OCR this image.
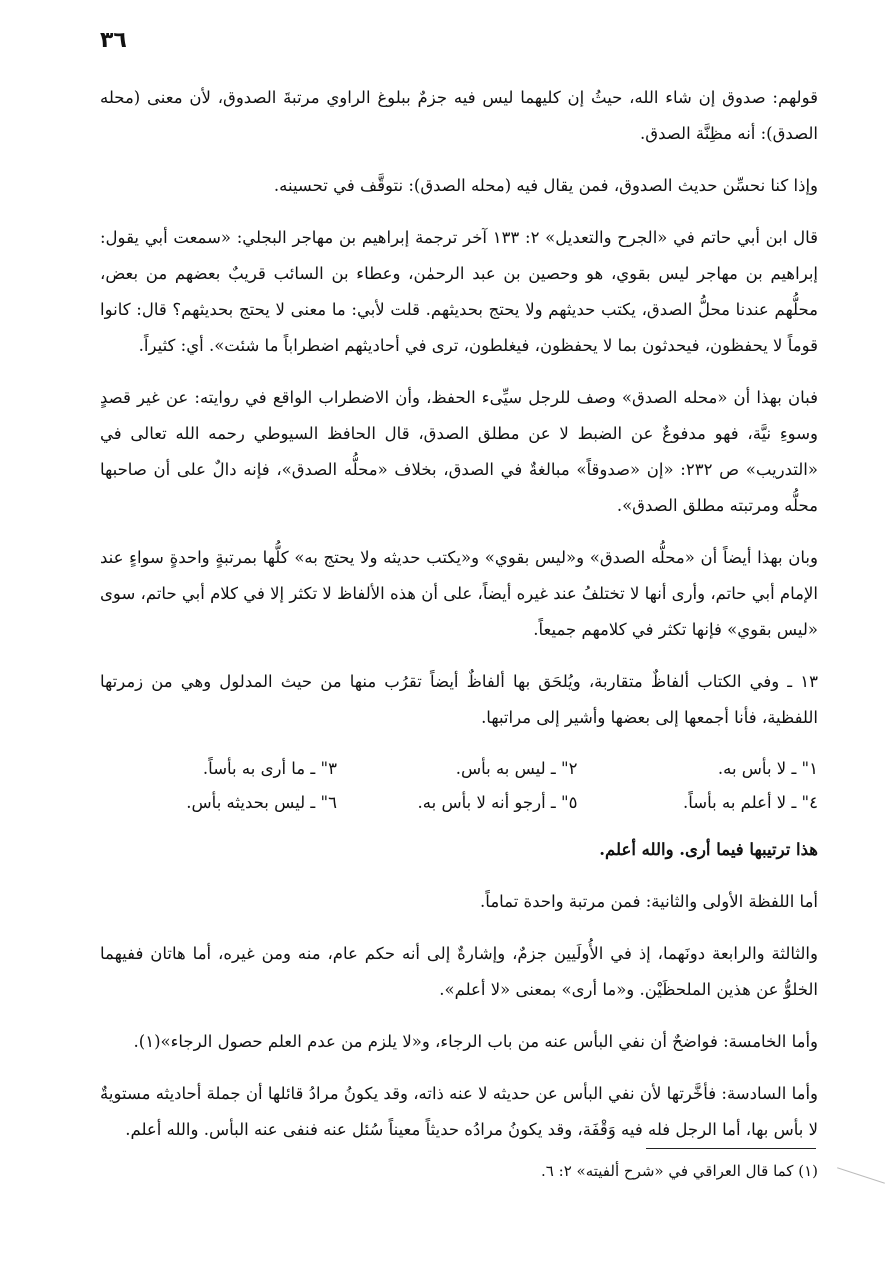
٣٦

قولهم: صدوق إن شاء الله، حيثُ إن كليهما ليس فيه جزمٌ ببلوغ الراوي مرتبةَ الصدوق، لأن معنى (محله الصدق): أنه مظِنَّة الصدق.

وإذا كنا نحسِّن حديث الصدوق، فمن يقال فيه (محله الصدق): نتوقَّف في تحسينه.

قال ابن أبي حاتم في «الجرح والتعديل» ٢: ١٣٣ آخر ترجمة إبراهيم بن مهاجر البجلي: «سمعت أبي يقول: إبراهيم بن مهاجر ليس بقوي، هو وحصين بن عبد الرحمٰن، وعطاء بن السائب قريبٌ بعضهم من بعض، محلُّهم عندنا محلُّ الصدق، يكتب حديثهم ولا يحتج بحديثهم. قلت لأبي: ما معنى لا يحتج بحديثهم؟ قال: كانوا قوماً لا يحفظون، فيحدثون بما لا يحفظون، فيغلطون، ترى في أحاديثهم اضطراباً ما شئت». أي: كثيراً.

فبان بهذا أن «محله الصدق» وصف للرجل سيِّىء الحفظ، وأن الاضطراب الواقع في روايته: عن غير قصدٍ وسوءِ نيَّة، فهو مدفوعٌ عن الضبط لا عن مطلق الصدق، قال الحافظ السيوطي رحمه الله تعالى في «التدريب» ص ٢٣٢: «إن «صدوقاً» مبالغةٌ في الصدق، بخلاف «محلُّه الصدق»، فإنه دالٌ على أن صاحبها محلُّه ومرتبته مطلق الصدق».

وبان بهذا أيضاً أن «محلُّه الصدق» و«ليس بقوي» و«يكتب حديثه ولا يحتج به» كلُّها بمرتبةٍ واحدةٍ سواءٍ عند الإمام أبي حاتم، وأرى أنها لا تختلفُ عند غيره أيضاً، على أن هذه الألفاظ لا تكثر إلا في كلام أبي حاتم، سوى «ليس بقوي» فإنها تكثر في كلامهم جميعاً.

١٣ ـ وفي الكتاب ألفاظٌ متقاربة، ويُلحَق بها ألفاظٌ أيضاً تقرُب منها من حيث المدلول وهي من زمرتها اللفظية، فأنا أجمعها إلى بعضها وأشير إلى مراتبها.

١" ـ لا بأس به.
٢" ـ ليس به بأس.
٣" ـ ما أرى به بأساً.
٤" ـ لا أعلم به بأساً.
٥" ـ أرجو أنه لا بأس به.
٦" ـ ليس بحديثه بأس.

هذا ترتيبها فيما أرى. والله أعلم.

أما اللفظة الأولى والثانية: فمن مرتبة واحدة تماماً.

والثالثة والرابعة دونَهما، إذ في الأُولَيين جزمٌ، وإشارةٌ إلى أنه حكم عام، منه ومن غيره، أما هاتان ففيهما الخلوُّ عن هذين الملحظَيْن. و«ما أرى» بمعنى «لا أعلم».

وأما الخامسة: فواضحٌ أن نفي البأس عنه من باب الرجاء، و«لا يلزم من عدم العلم حصول الرجاء»(١).

وأما السادسة: فأخَّرتها لأن نفي البأس عن حديثه لا عنه ذاته، وقد يكونُ مرادُ قائلها أن جملة أحاديثه مستويةٌ لا بأس بها، أما الرجل فله فيه وَقْفَة، وقد يكونُ مرادُه حديثاً معيناً سُئل عنه فنفى عنه البأس. والله أعلم.

(١) كما قال العراقي في «شرح ألفيته» ٢: ٦.
